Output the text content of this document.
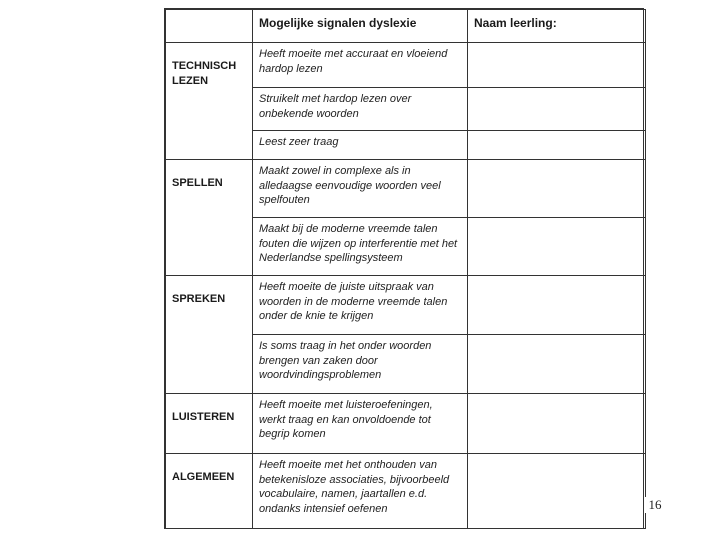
	Mogelijke signalen dyslexie	Naam leerling:

TECHNISCH LEZEN	Heeft moeite met accuraat en vloeiend hardop lezen	
	Struikelt met hardop lezen over onbekende woorden	
	Leest zeer traag	

SPELLEN	Maakt zowel in complexe als in alledaagse eenvoudige woorden veel spelfouten	
	Maakt bij de moderne vreemde talen fouten die wijzen op interferentie met het Nederlandse spellingsysteem	

SPREKEN	Heeft moeite de juiste uitspraak van woorden in de moderne vreemde talen onder de knie te krijgen	
	Is soms traag in het onder woorden brengen van zaken door woordvindingsproblemen	

LUISTEREN	Heeft moeite met luisteroefeningen, werkt traag en kan onvoldoende tot begrip komen	

ALGEMEEN	Heeft moeite met het onthouden van betekenisloze associaties, bijvoorbeeld vocabulaire, namen, jaartallen e.d. ondanks intensief oefenen		16
